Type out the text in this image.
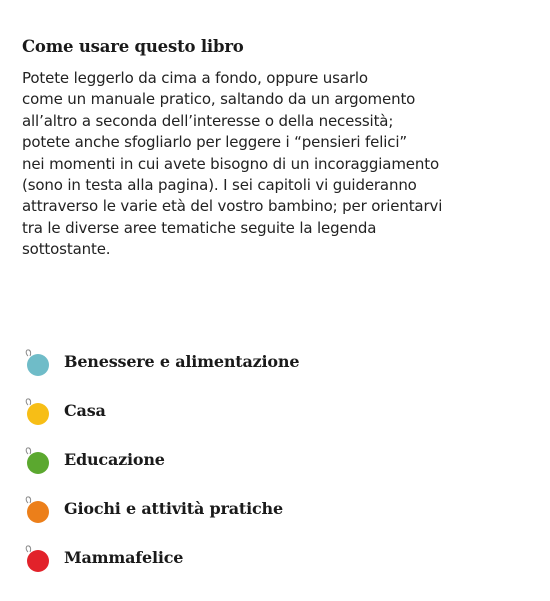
Come usare questo libro

Potete leggerlo da cima a fondo, oppure usarlo
come un manuale pratico, saltando da un argomento
all’altro a seconda dell’interesse o della necessità;
potete anche sfogliarlo per leggere i “pensieri felici”
nei momenti in cui avete bisogno di un incoraggiamento
(sono in testa alla pagina). I sei capitoli vi guideranno
attraverso le varie età del vostro bambino; per orientarvi
tra le diverse aree tematiche seguite la legenda
sottostante.

Benessere e alimentazione
Casa
Educazione
Giochi e attività pratiche
Mammafelice
